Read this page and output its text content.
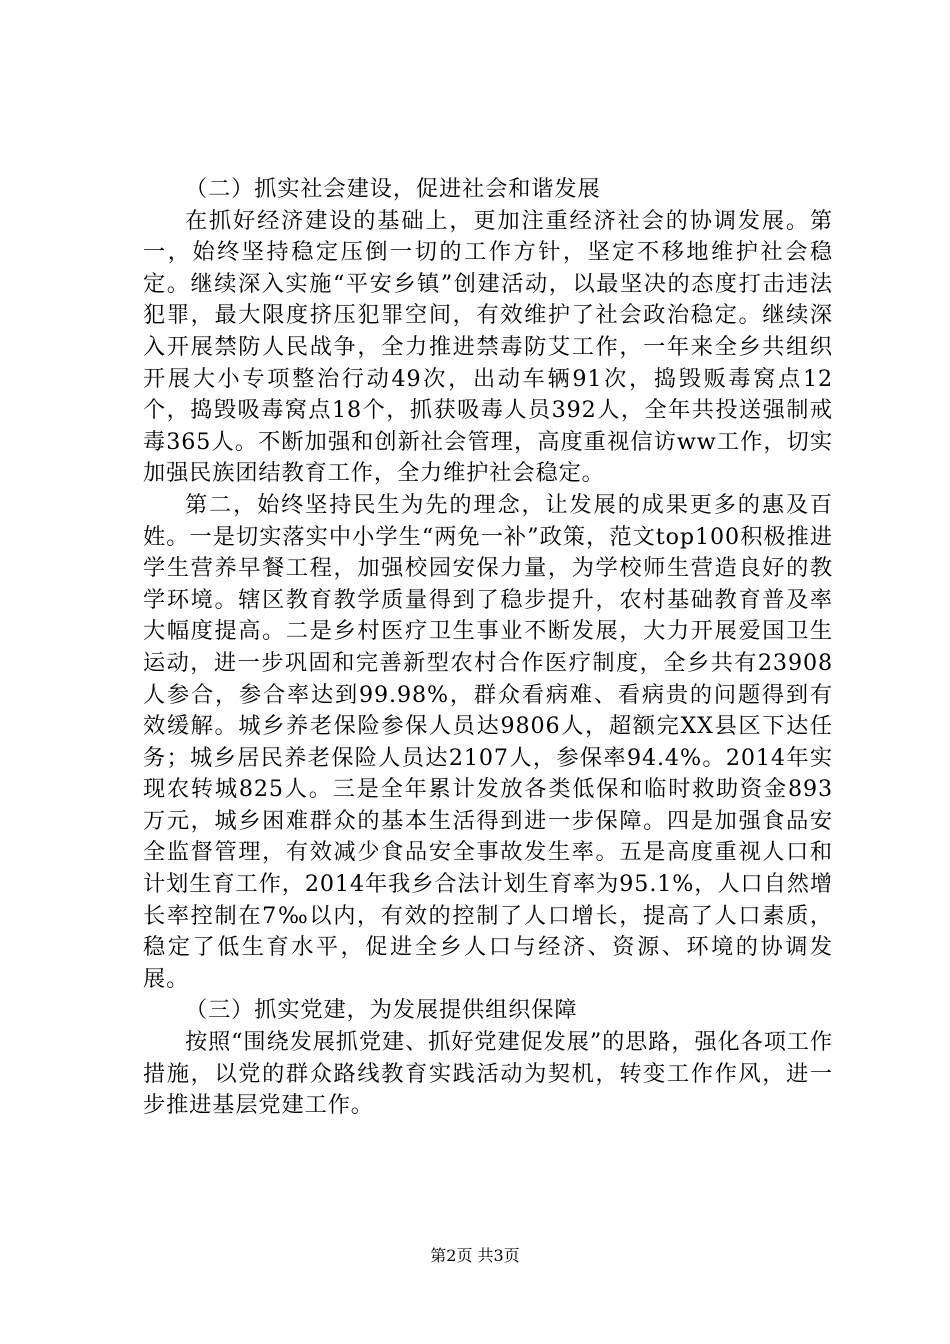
（二）抓实社会建设，促进社会和谐发展

在抓好经济建设的基础上，更加注重经济社会的协调发展。第一，始终坚持稳定压倒一切的工作方针，坚定不移地维护社会稳定。继续深入实施“平安乡镇”创建活动，以最坚决的态度打击违法犯罪，最大限度挤压犯罪空间，有效维护了社会政治稳定。继续深入开展禁防人民战争，全力推进禁毒防艾工作，一年来全乡共组织开展大小专项整治行动49次，出动车辆91次，捣毁贩毒窝点12个，捣毁吸毒窝点18个，抓获吸毒人员392人，全年共投送强制戒毒365人。不断加强和创新社会管理，高度重视信访ww工作，切实加强民族团结教育工作，全力维护社会稳定。

第二，始终坚持民生为先的理念，让发展的成果更多的惠及百姓。一是切实落实中小学生“两免一补”政策，范文top100积极推进学生营养早餐工程，加强校园安保力量，为学校师生营造良好的教学环境。辖区教育教学质量得到了稳步提升，农村基础教育普及率大幅度提高。二是乡村医疗卫生事业不断发展，大力开展爱国卫生运动，进一步巩固和完善新型农村合作医疗制度，全乡共有23908人参合，参合率达到99.98%，群众看病难、看病贵的问题得到有效缓解。城乡养老保险参保人员达9806人，超额完XX县区下达任务；城乡居民养老保险人员达2107人，参保率94.4%。2014年实现农转城825人。三是全年累计发放各类低保和临时救助资金893万元，城乡困难群众的基本生活得到进一步保障。四是加强食品安全监督管理，有效减少食品安全事故发生率。五是高度重视人口和计划生育工作，2014年我乡合法计划生育率为95.1%，人口自然增长率控制在7‰以内，有效的控制了人口增长，提高了人口素质，稳定了低生育水平，促进全乡人口与经济、资源、环境的协调发展。

（三）抓实党建，为发展提供组织保障

按照“围绕发展抓党建、抓好党建促发展”的思路，强化各项工作措施，以党的群众路线教育实践活动为契机，转变工作作风，进一步推进基层党建工作。

第2页 共3页
